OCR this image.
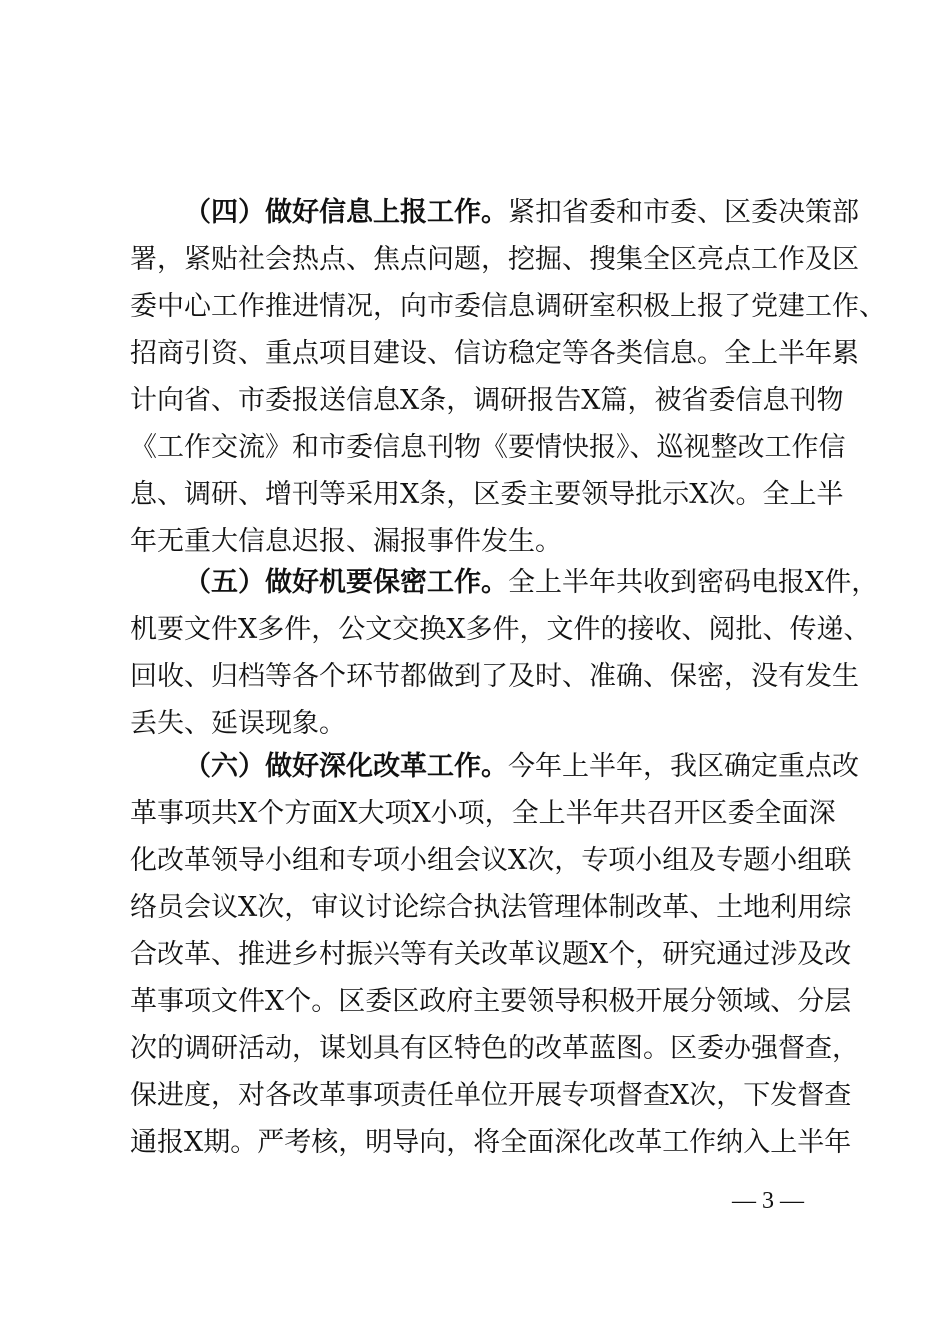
（四）做好信息上报工作。紧扣省委和市委、区委决策部
署，紧贴社会热点、焦点问题，挖掘、搜集全区亮点工作及区
委中心工作推进情况，向市委信息调研室积极上报了党建工作、
招商引资、重点项目建设、信访稳定等各类信息。全上半年累
计向省、市委报送信息X条，调研报告X篇，被省委信息刊物
《工作交流》和市委信息刊物《要情快报》、巡视整改工作信
息、调研、增刊等采用X条，区委主要领导批示X次。全上半
年无重大信息迟报、漏报事件发生。
（五）做好机要保密工作。全上半年共收到密码电报X件，
机要文件X多件，公文交换X多件，文件的接收、阅批、传递、
回收、归档等各个环节都做到了及时、准确、保密，没有发生
丢失、延误现象。
（六）做好深化改革工作。今年上半年，我区确定重点改
革事项共X个方面X大项X小项，全上半年共召开区委全面深
化改革领导小组和专项小组会议X次，专项小组及专题小组联
络员会议X次，审议讨论综合执法管理体制改革、土地利用综
合改革、推进乡村振兴等有关改革议题X个，研究通过涉及改
革事项文件X个。区委区政府主要领导积极开展分领域、分层
次的调研活动，谋划具有区特色的改革蓝图。区委办强督查，
保进度，对各改革事项责任单位开展专项督查X次，下发督查
通报X期。严考核，明导向，将全面深化改革工作纳入上半年
— 3 —
